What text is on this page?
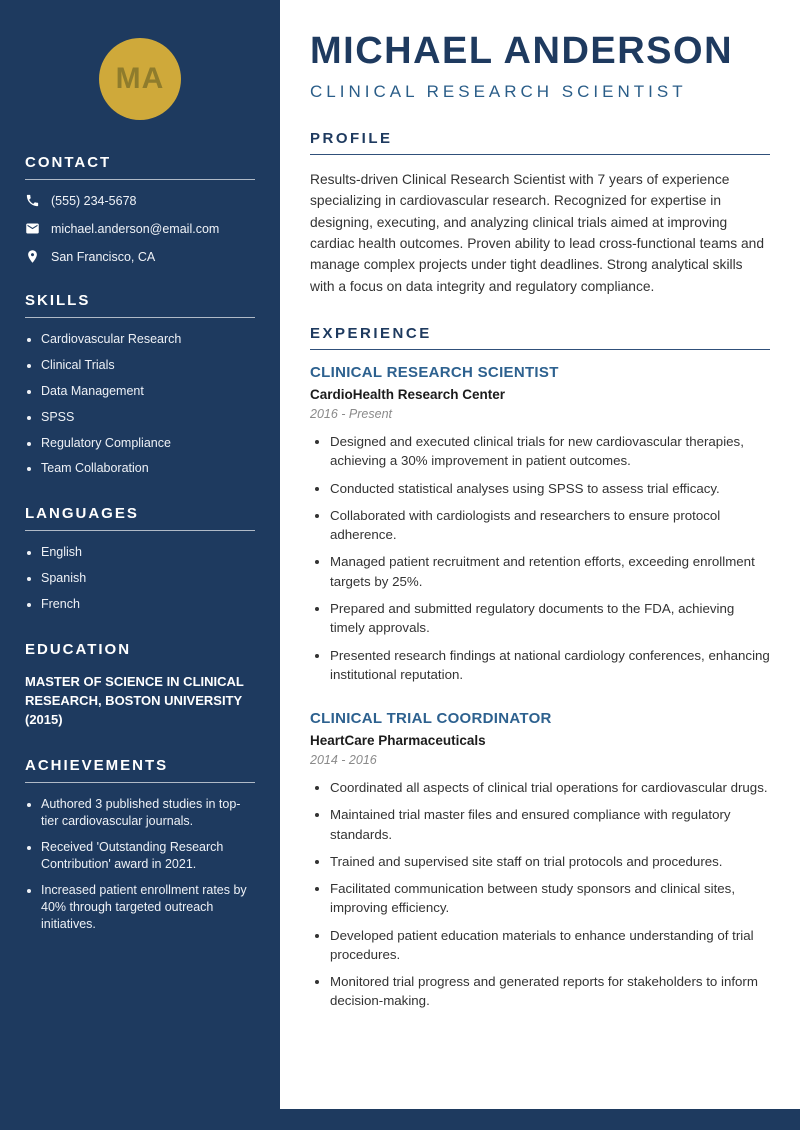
MA
CONTACT
(555) 234-5678
michael.anderson@email.com
San Francisco, CA
SKILLS
• Cardiovascular Research
• Clinical Trials
• Data Management
• SPSS
• Regulatory Compliance
• Team Collaboration
LANGUAGES
• English
• Spanish
• French
EDUCATION
MASTER OF SCIENCE IN CLINICAL RESEARCH, BOSTON UNIVERSITY (2015)
ACHIEVEMENTS
• Authored 3 published studies in top-tier cardiovascular journals.
• Received 'Outstanding Research Contribution' award in 2021.
• Increased patient enrollment rates by 40% through targeted outreach initiatives.
MICHAEL ANDERSON
CLINICAL RESEARCH SCIENTIST
PROFILE

Results-driven Clinical Research Scientist with 7 years of experience specializing in cardiovascular research. Recognized for expertise in designing, executing, and analyzing clinical trials aimed at improving cardiac health outcomes. Proven ability to lead cross-functional teams and manage complex projects under tight deadlines. Strong analytical skills with a focus on data integrity and regulatory compliance.

EXPERIENCE
CLINICAL RESEARCH SCIENTIST
CardioHealth Research Center
2016 - Present
• Designed and executed clinical trials for new cardiovascular therapies, achieving a 30% improvement in patient outcomes.
• Conducted statistical analyses using SPSS to assess trial efficacy.
• Collaborated with cardiologists and researchers to ensure protocol adherence.
• Managed patient recruitment and retention efforts, exceeding enrollment targets by 25%.
• Prepared and submitted regulatory documents to the FDA, achieving timely approvals.
• Presented research findings at national cardiology conferences, enhancing institutional reputation.
CLINICAL TRIAL COORDINATOR
HeartCare Pharmaceuticals
2014 - 2016
• Coordinated all aspects of clinical trial operations for cardiovascular drugs.
• Maintained trial master files and ensured compliance with regulatory standards.
• Trained and supervised site staff on trial protocols and procedures.
• Facilitated communication between study sponsors and clinical sites, improving efficiency.
• Developed patient education materials to enhance understanding of trial procedures.
• Monitored trial progress and generated reports for stakeholders to inform decision-making.
